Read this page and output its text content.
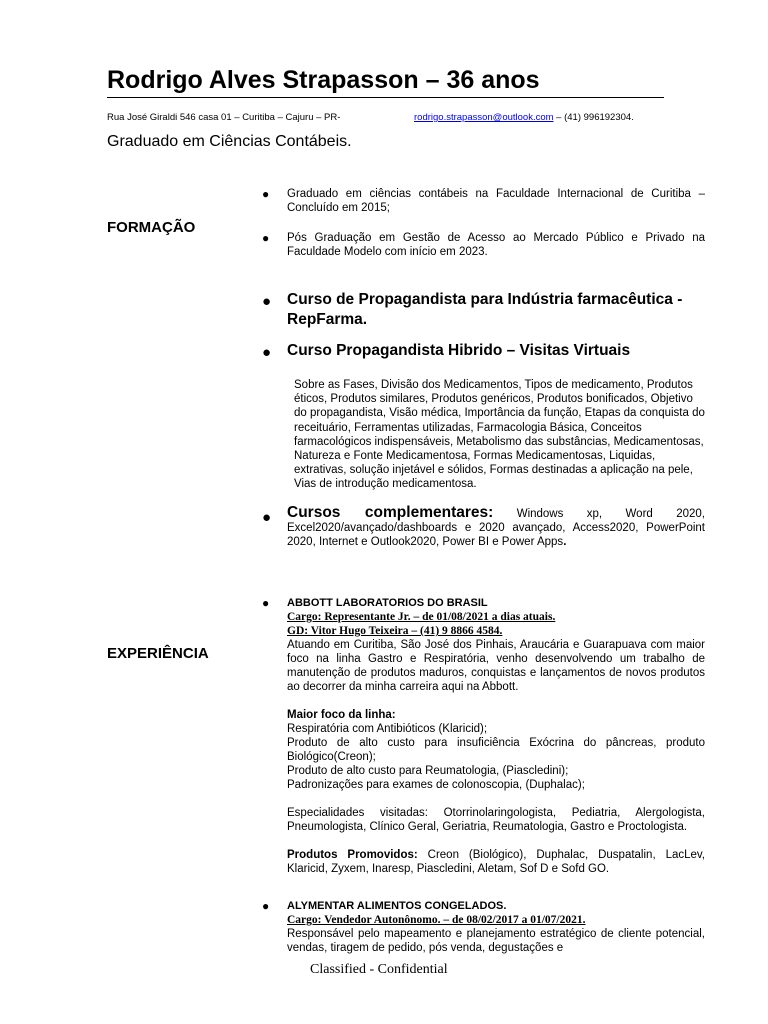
Rodrigo Alves Strapasson – 36 anos
Rua José Giraldi 546 casa 01 – Curitiba – Cajuru – PR-	rodrigo.strapasson@outlook.com – (41) 996192304.
Graduado em Ciências Contábeis.
FORMAÇÃO
● Graduado em ciências contábeis na Faculdade Internacional de Curitiba – Concluído em 2015;
● Pós Graduação em Gestão de Acesso ao Mercado Público e Privado na Faculdade Modelo com início em 2023.
● Curso de Propagandista para Indústria farmacêutica - RepFarma.
● Curso Propagandista Hibrido – Visitas Virtuais
Sobre as Fases, Divisão dos Medicamentos, Tipos de medicamento, Produtos éticos, Produtos similares, Produtos genéricos, Produtos bonificados, Objetivo do propagandista, Visão médica, Importância da função, Etapas da conquista do receituário, Ferramentas utilizadas, Farmacologia Básica, Conceitos farmacológicos indispensáveis, Metabolismo das substâncias, Medicamentosas, Natureza e Fonte Medicamentosa, Formas Medicamentosas, Liquidas, extrativas, solução injetável e sólidos, Formas destinadas a aplicação na pele, Vias de introdução medicamentosa.
● Cursos complementares: Windows xp, Word 2020, Excel2020/avançado/dashboards e 2020 avançado, Access2020, PowerPoint 2020, Internet e Outlook2020, Power BI e Power Apps.
EXPERIÊNCIA
● ABBOTT LABORATORIOS DO BRASIL

Cargo: Representante Jr. – de 01/08/2021 a dias atuais.

GD: Vitor Hugo Teixeira – (41) 9 8866 4584.

Atuando em Curitiba, São José dos Pinhais, Araucária e Guarapuava com maior foco na linha Gastro e Respiratória, venho desenvolvendo um trabalho de manutenção de produtos maduros, conquistas e lançamentos de novos produtos ao decorrer da minha carreira aqui na Abbott.

Maior foco da linha:

Respiratória com Antibióticos (Klaricid);

Produto de alto custo para insuficiência Exócrina do pâncreas, produto Biológico(Creon);

Produto de alto custo para Reumatologia, (Piascledini);

Padronizações para exames de colonoscopia, (Duphalac);

Especialidades visitadas: Otorrinolaringologista, Pediatria, Alergologista, Pneumologista, Clínico Geral, Geriatria, Reumatologia, Gastro e Proctologista.

Produtos Promovidos: Creon (Biológico), Duphalac, Duspatalin, LacLev, Klaricid, Zyxem, Inaresp, Piascledini, Aletam, Sof D e Sofd GO.

● ALYMENTAR ALIMENTOS CONGELADOS.

Cargo: Vendedor Autonônomo. – de 08/02/2017 a 01/07/2021.

Responsável pelo mapeamento e planejamento estratégico de cliente potencial, vendas, tiragem de pedido, pós venda, degustações e

Classified - Confidential
